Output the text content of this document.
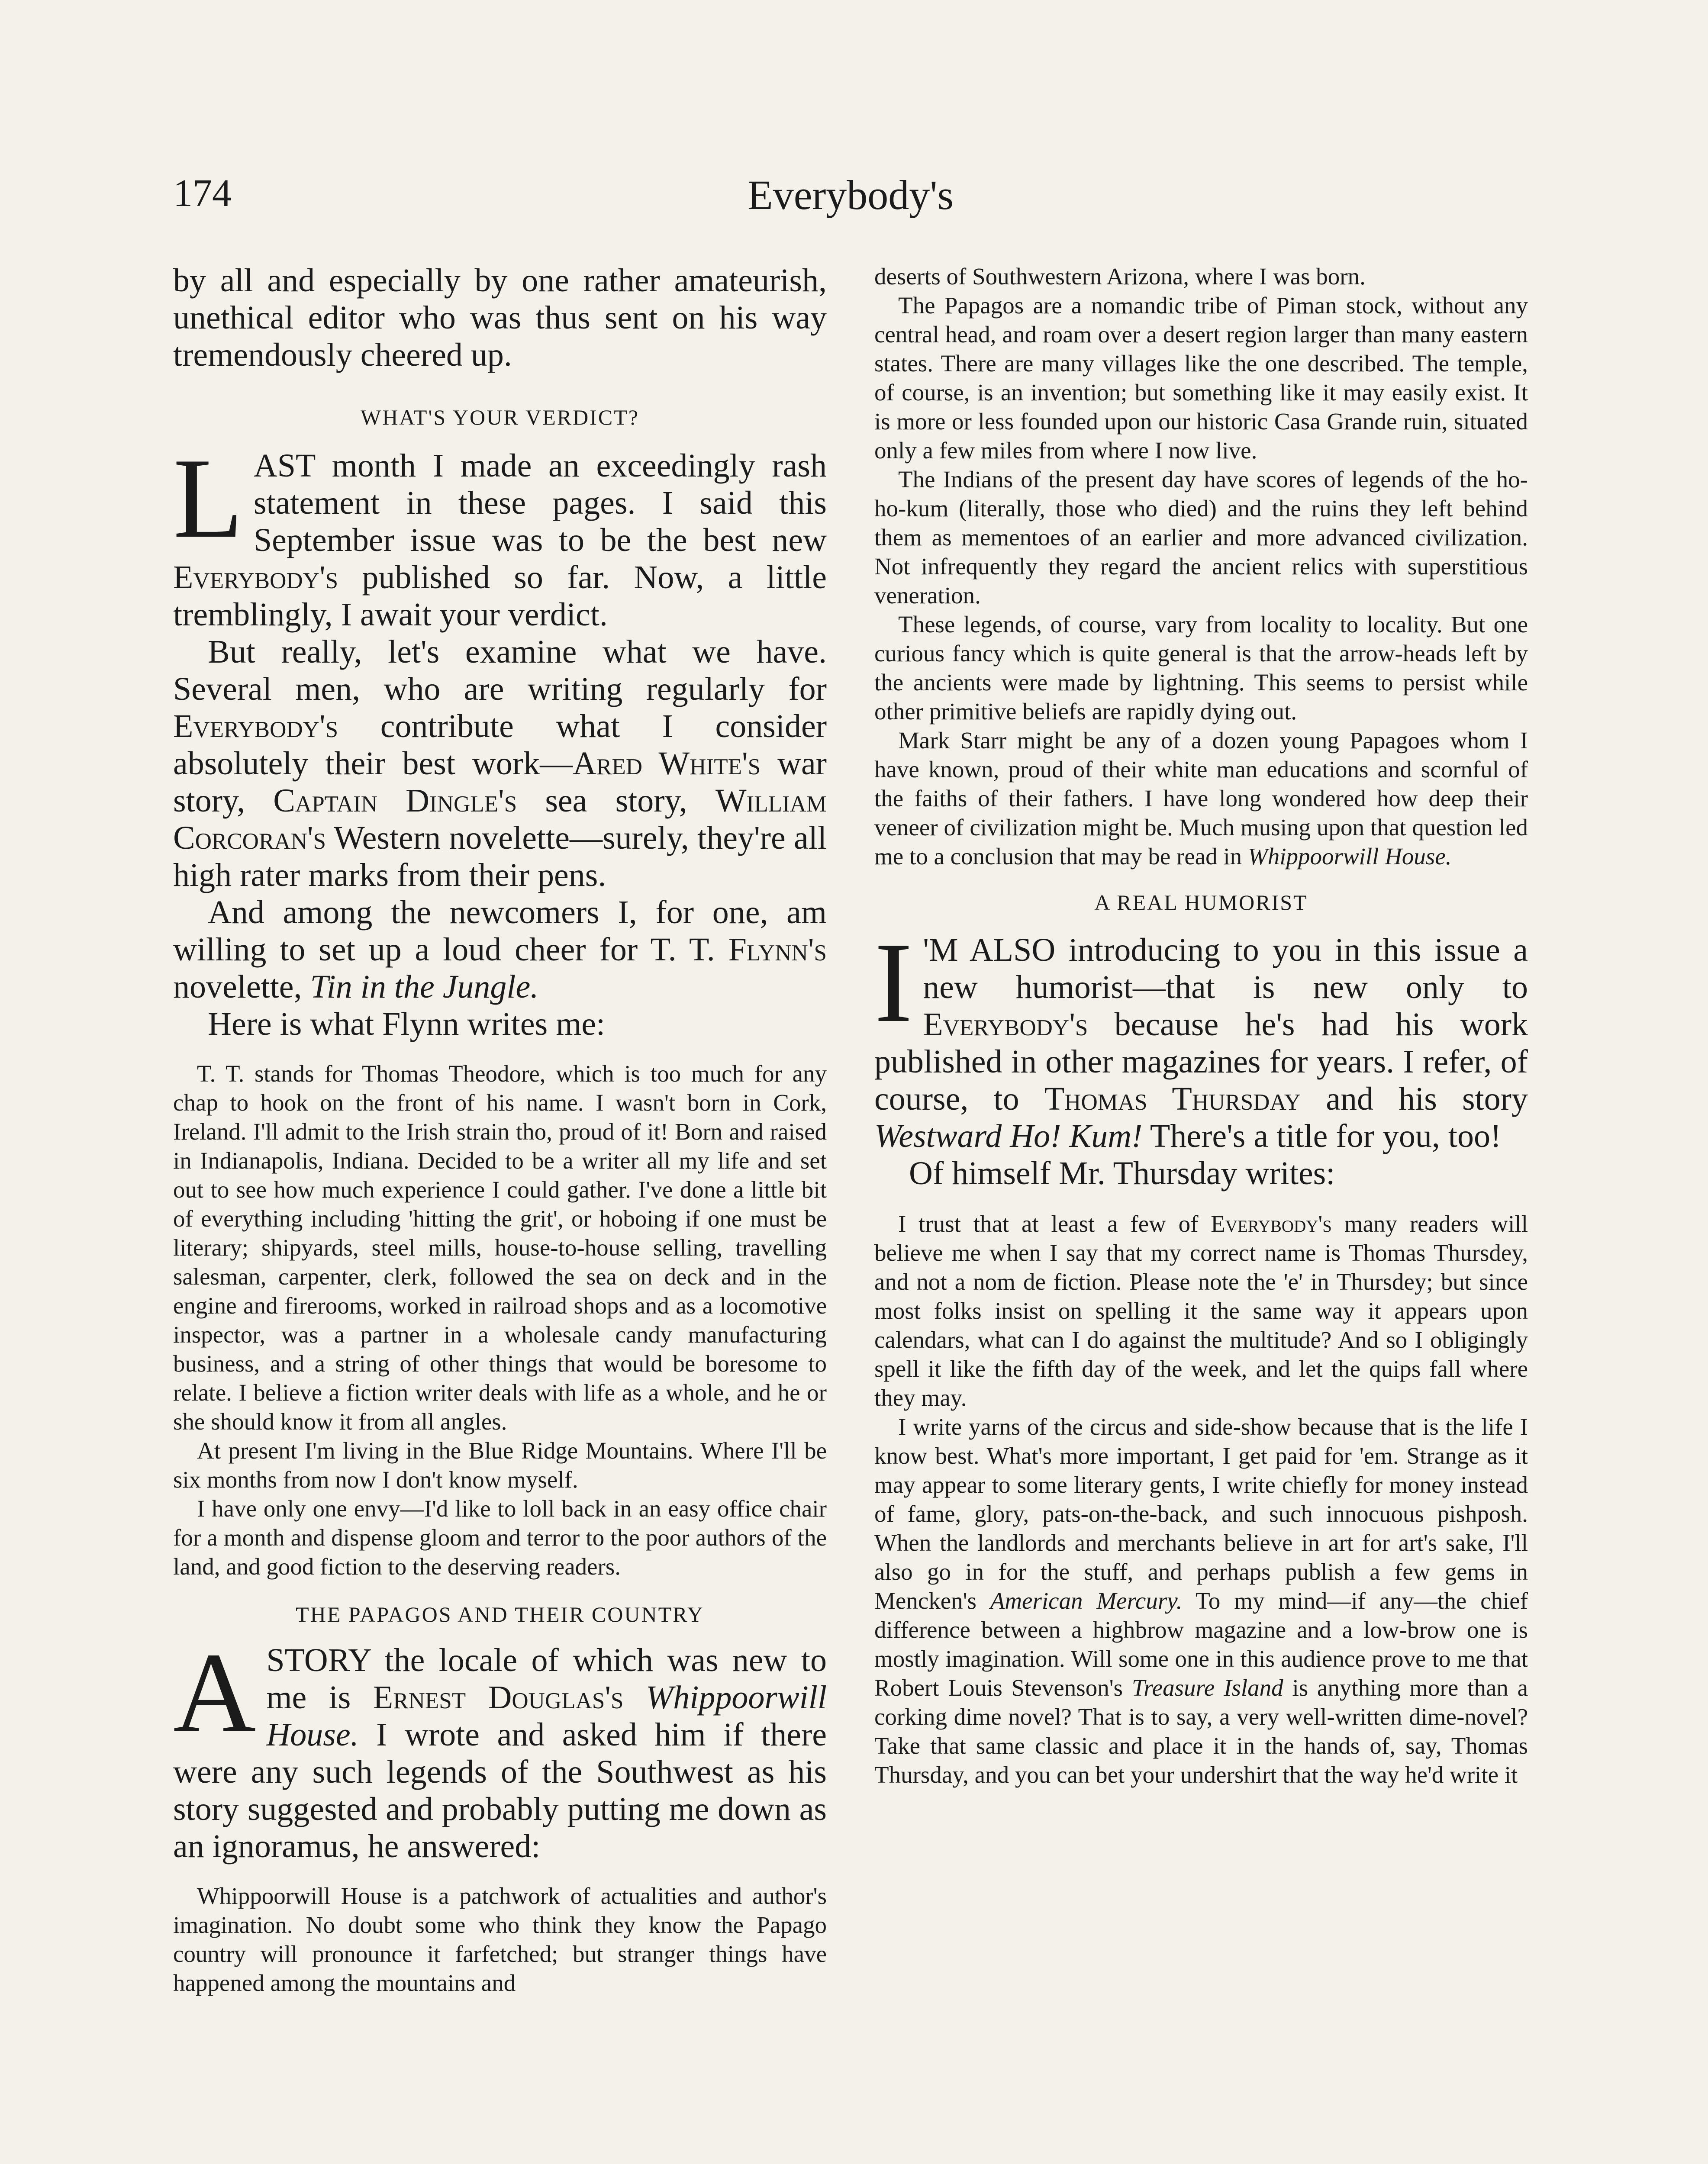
174	Everybody's

by all and especially by one rather amateurish, unethical editor who was thus sent on his way tremendously cheered up.

WHAT'S YOUR VERDICT?

LAST month I made an exceedingly rash statement in these pages. I said this September issue was to be the best new Everybody's published so far. Now, a little tremblingly, I await your verdict.

But really, let's examine what we have. Several men, who are writing regularly for Everybody's contribute what I consider absolutely their best work—Ared White's war story, Captain Dingle's sea story, William Corcoran's Western novelette—surely, they're all high rater marks from their pens.

And among the newcomers I, for one, am willing to set up a loud cheer for T. T. Flynn's novelette, Tin in the Jungle.

Here is what Flynn writes me:

T. T. stands for Thomas Theodore, which is too much for any chap to hook on the front of his name. I wasn't born in Cork, Ireland. I'll admit to the Irish strain tho, proud of it! Born and raised in Indianapolis, Indiana. Decided to be a writer all my life and set out to see how much experience I could gather. I've done a little bit of everything including 'hitting the grit', or hoboing if one must be literary; shipyards, steel mills, house-to-house selling, travelling salesman, carpenter, clerk, followed the sea on deck and in the engine and firerooms, worked in railroad shops and as a locomotive inspector, was a partner in a wholesale candy manufacturing business, and a string of other things that would be boresome to relate. I believe a fiction writer deals with life as a whole, and he or she should know it from all angles.

At present I'm living in the Blue Ridge Mountains. Where I'll be six months from now I don't know myself.

I have only one envy—I'd like to loll back in an easy office chair for a month and dispense gloom and terror to the poor authors of the land, and good fiction to the deserving readers.

THE PAPAGOS AND THEIR COUNTRY

ASTORY the locale of which was new to me is Ernest Douglas's Whippoorwill House. I wrote and asked him if there were any such legends of the Southwest as his story suggested and probably putting me down as an ignoramus, he answered:

Whippoorwill House is a patchwork of actualities and author's imagination. No doubt some who think they know the Papago country will pronounce it farfetched; but stranger things have happened among the mountains and

deserts of Southwestern Arizona, where I was born.

The Papagos are a nomandic tribe of Piman stock, without any central head, and roam over a desert region larger than many eastern states. There are many villages like the one described. The temple, of course, is an invention; but something like it may easily exist. It is more or less founded upon our historic Casa Grande ruin, situated only a few miles from where I now live.

The Indians of the present day have scores of legends of the ho-ho-kum (literally, those who died) and the ruins they left behind them as mementoes of an earlier and more advanced civilization. Not infrequently they regard the ancient relics with superstitious veneration.

These legends, of course, vary from locality to locality. But one curious fancy which is quite general is that the arrow-heads left by the ancients were made by lightning. This seems to persist while other primitive beliefs are rapidly dying out.

Mark Starr might be any of a dozen young Papagoes whom I have known, proud of their white man educations and scornful of the faiths of their fathers. I have long wondered how deep their veneer of civilization might be. Much musing upon that question led me to a conclusion that may be read in Whippoorwill House.

A REAL HUMORIST

I 'M ALSO introducing to you in this issue a new humorist—that is new only to Everybody's because he's had his work published in other magazines for years. I refer, of course, to Thomas Thursday and his story Westward Ho! Kum! There's a title for you, too!

Of himself Mr. Thursday writes:

I trust that at least a few of Everybody's many readers will believe me when I say that my correct name is Thomas Thursdey, and not a nom de fiction. Please note the 'e' in Thursdey; but since most folks insist on spelling it the same way it appears upon calendars, what can I do against the multitude? And so I obligingly spell it like the fifth day of the week, and let the quips fall where they may.

I write yarns of the circus and side-show because that is the life I know best. What's more important, I get paid for 'em. Strange as it may appear to some literary gents, I write chiefly for money instead of fame, glory, pats-on-the-back, and such innocuous pishposh. When the landlords and merchants believe in art for art's sake, I'll also go in for the stuff, and perhaps publish a few gems in Mencken's American Mercury. To my mind—if any—the chief difference between a highbrow magazine and a low-brow one is mostly imagination. Will some one in this audience prove to me that Robert Louis Stevenson's Treasure Island is anything more than a corking dime novel? That is to say, a very well-written dime-novel? Take that same classic and place it in the hands of, say, Thomas Thursday, and you can bet your undershirt that the way he'd write it
